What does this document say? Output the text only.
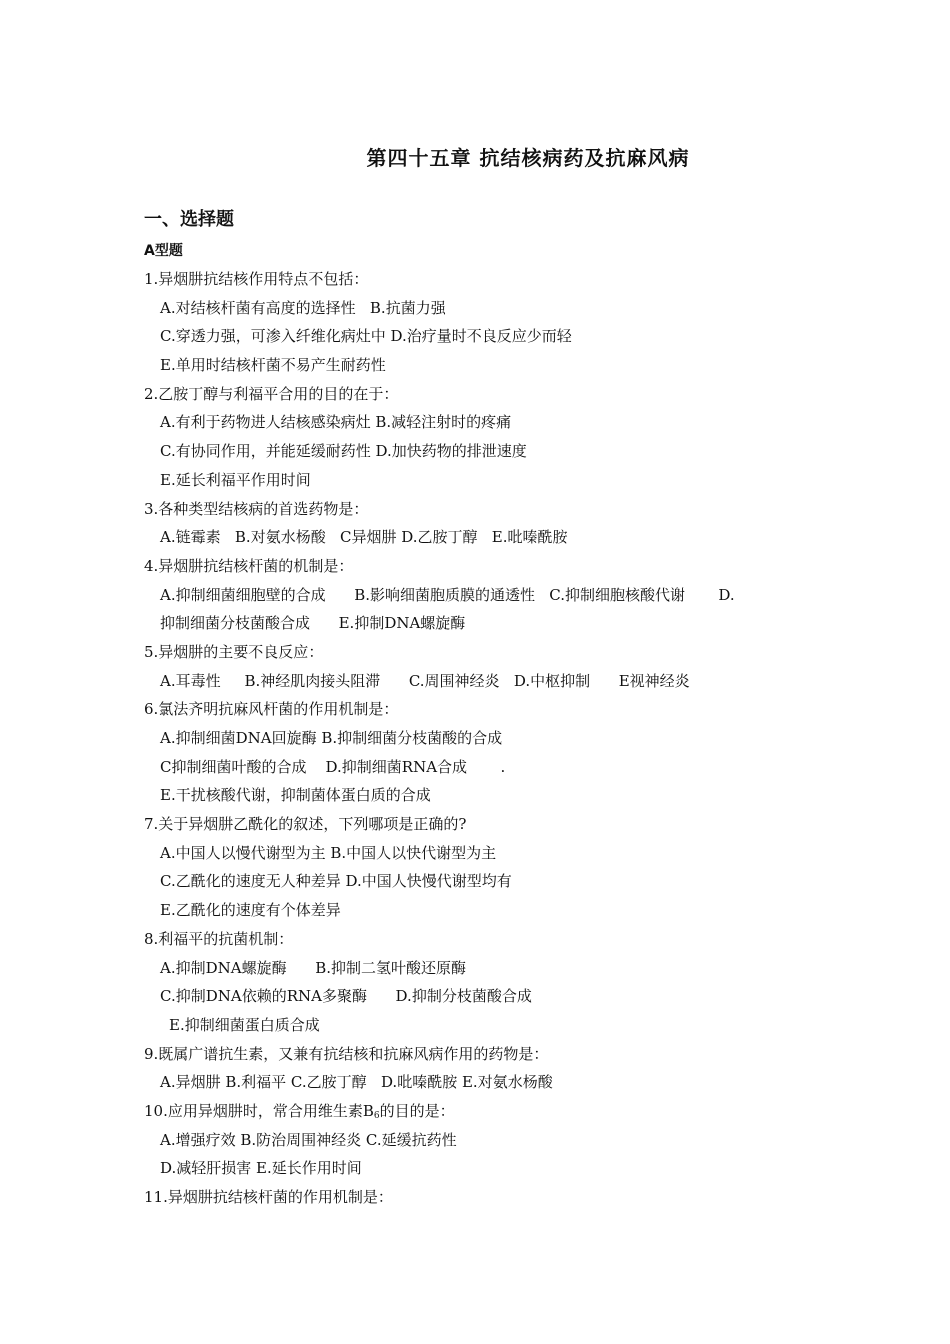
第四十五章 抗结核病药及抗麻风病
一、选择题
A型题
1.异烟肼抗结核作用特点不包括：
A.对结核杆菌有高度的选择性   B.抗菌力强
C.穿透力强，可渗入纤维化病灶中 D.治疗量时不良反应少而轻
E.单用时结核杆菌不易产生耐药性
2.乙胺丁醇与利福平合用的目的在于：
A.有利于药物进人结核感染病灶 B.减轻注射时的疼痛
C.有协同作用，并能延缓耐药性 D.加快药物的排泄速度
E.延长利福平作用时间
3.各种类型结核病的首选药物是：
A.链霉素   B.对氨水杨酸   C异烟肼 D.乙胺丁醇   E.吡嗪酰胺
4.异烟肼抗结核杆菌的机制是：
A.抑制细菌细胞壁的合成      B.影响细菌胞质膜的通透性   C.抑制细胞核酸代谢       D.
抑制细菌分枝菌酸合成      E.抑制DNA螺旋酶
5.异烟肼的主要不良反应：
A.耳毒性     B.神经肌肉接头阻滞      C.周围神经炎   D.中枢抑制      E视神经炎
6.氯法齐明抗麻风杆菌的作用机制是：
A.抑制细菌DNA回旋酶 B.抑制细菌分枝菌酸的合成
C抑制细菌叶酸的合成    D.抑制细菌RNA合成       .
E.干扰核酸代谢，抑制菌体蛋白质的合成
7.关于异烟肼乙酰化的叙述，下列哪项是正确的?
A.中国人以慢代谢型为主 B.中国人以快代谢型为主
C.乙酰化的速度无人种差异 D.中国人快慢代谢型均有
E.乙酰化的速度有个体差异
8.利福平的抗菌机制：
A.抑制DNA螺旋酶      B.抑制二氢叶酸还原酶
C.抑制DNA依赖的RNA多聚酶      D.抑制分枝菌酸合成
E.抑制细菌蛋白质合成
9.既属广谱抗生素，又兼有抗结核和抗麻风病作用的药物是：
A.异烟肼 B.利福平 C.乙胺丁醇   D.吡嗪酰胺 E.对氨水杨酸
10.应用异烟肼时，常合用维生素$B_6$的目的是：
A.增强疗效 B.防治周围神经炎 C.延缓抗药性
D.减轻肝损害 E.延长作用时间
11.异烟肼抗结核杆菌的作用机制是：
